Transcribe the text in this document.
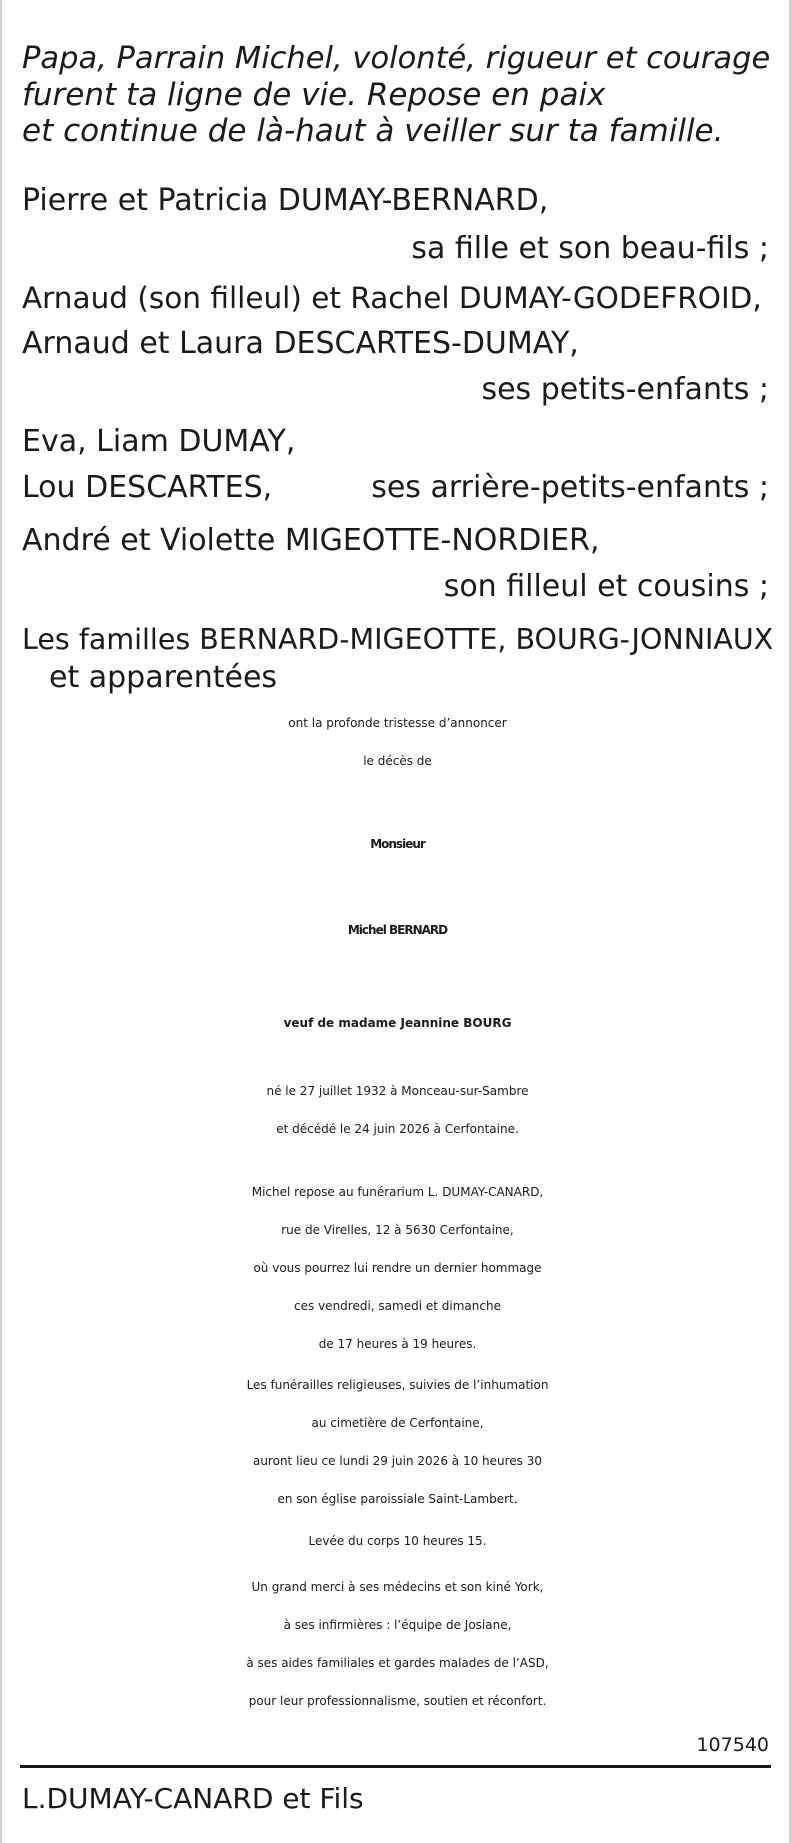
Papa, Parrain Michel, volonté, rigueur et courage
furent ta ligne de vie. Repose en paix
et continue de là-haut à veiller sur ta famille.
Pierre et Patricia DUMAY-BERNARD,
sa fille et son beau-fils ;
Arnaud (son filleul) et Rachel DUMAY-GODEFROID,
Arnaud et Laura DESCARTES-DUMAY,
ses petits-enfants ;
Eva, Liam DUMAY,
Lou DESCARTES,	ses arrière-petits-enfants ;
André et Violette MIGEOTTE-NORDIER,
son filleul et cousins ;
Les familles BERNARD-MIGEOTTE, BOURG-JONNIAUX
et apparentées
ont la profonde tristesse d’annoncer
le décès de
Monsieur
Michel BERNARD
veuf de madame Jeannine BOURG
né le 27 juillet 1932 à Monceau-sur-Sambre
et décédé le 24 juin 2026 à Cerfontaine.
Michel repose au funérarium L. DUMAY-CANARD,
rue de Virelles, 12 à 5630 Cerfontaine,
où vous pourrez lui rendre un dernier hommage
ces vendredi, samedi et dimanche
de 17 heures à 19 heures.
Les funérailles religieuses, suivies de l’inhumation
au cimetière de Cerfontaine,
auront lieu ce lundi 29 juin 2026 à 10 heures 30
en son église paroissiale Saint-Lambert.
Levée du corps 10 heures 15.
Un grand merci à ses médecins et son kiné York,
à ses infirmières : l’équipe de Josiane,
à ses aides familiales et gardes malades de l’ASD,
pour leur professionnalisme, soutien et réconfort.
107540
L.DUMAY-CANARD et Fils
